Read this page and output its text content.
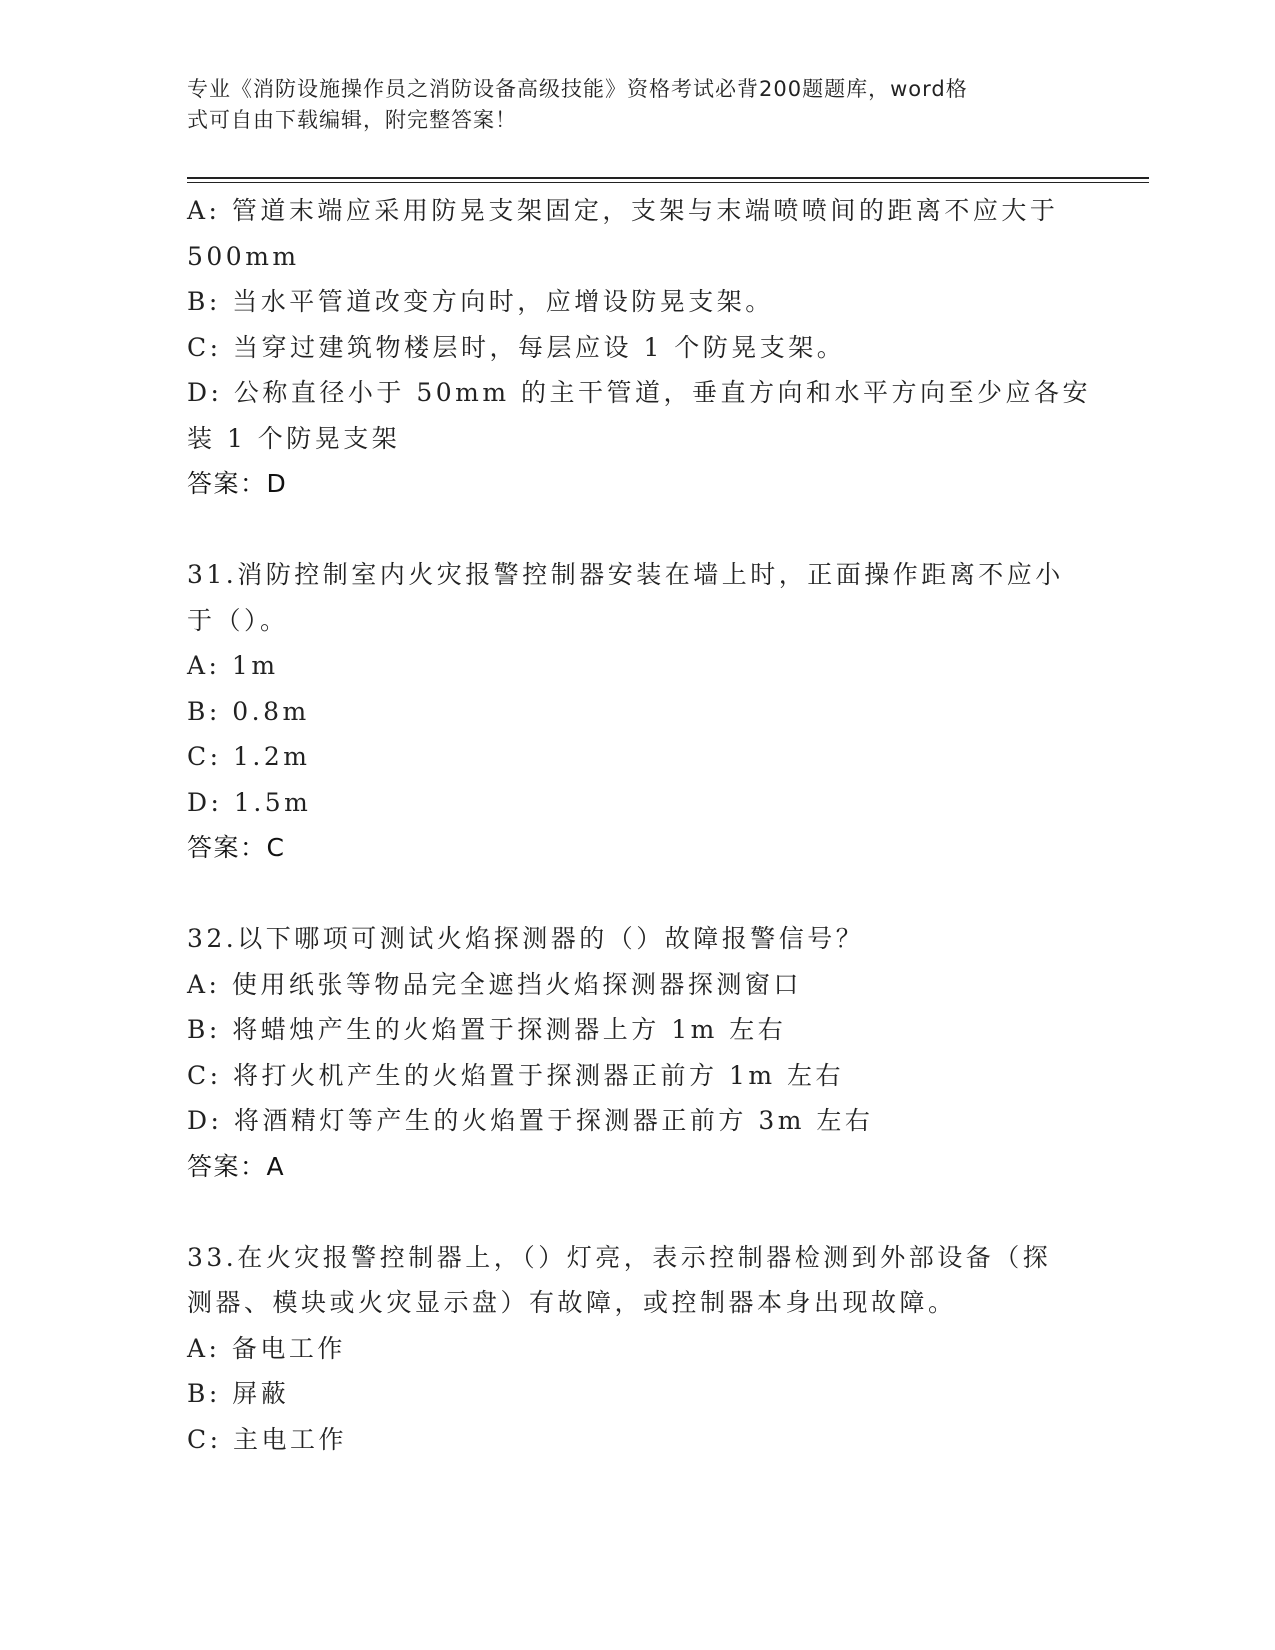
专业《消防设施操作员之消防设备高级技能》资格考试必背200题题库，word格
式可自由下载编辑，附完整答案！
A: 管道末端应采用防晃支架固定，支架与末端喷喷间的距离不应大于
500mm
B: 当水平管道改变方向时，应增设防晃支架。
C: 当穿过建筑物楼层时，每层应设 1 个防晃支架。
D: 公称直径小于 50mm 的主干管道，垂直方向和水平方向至少应各安
装 1 个防晃支架
答案：D
31.消防控制室内火灾报警控制器安装在墙上时，正面操作距离不应小
于（）。
A: 1m
B: 0.8m
C: 1.2m
D: 1.5m
答案：C
32.以下哪项可测试火焰探测器的（）故障报警信号？
A: 使用纸张等物品完全遮挡火焰探测器探测窗口
B: 将蜡烛产生的火焰置于探测器上方 1m 左右
C: 将打火机产生的火焰置于探测器正前方 1m 左右
D: 将酒精灯等产生的火焰置于探测器正前方 3m 左右
答案：A
33.在火灾报警控制器上，（）灯亮，表示控制器检测到外部设备（探
测器、模块或火灾显示盘）有故障，或控制器本身出现故障。
A: 备电工作
B: 屏蔽
C: 主电工作
